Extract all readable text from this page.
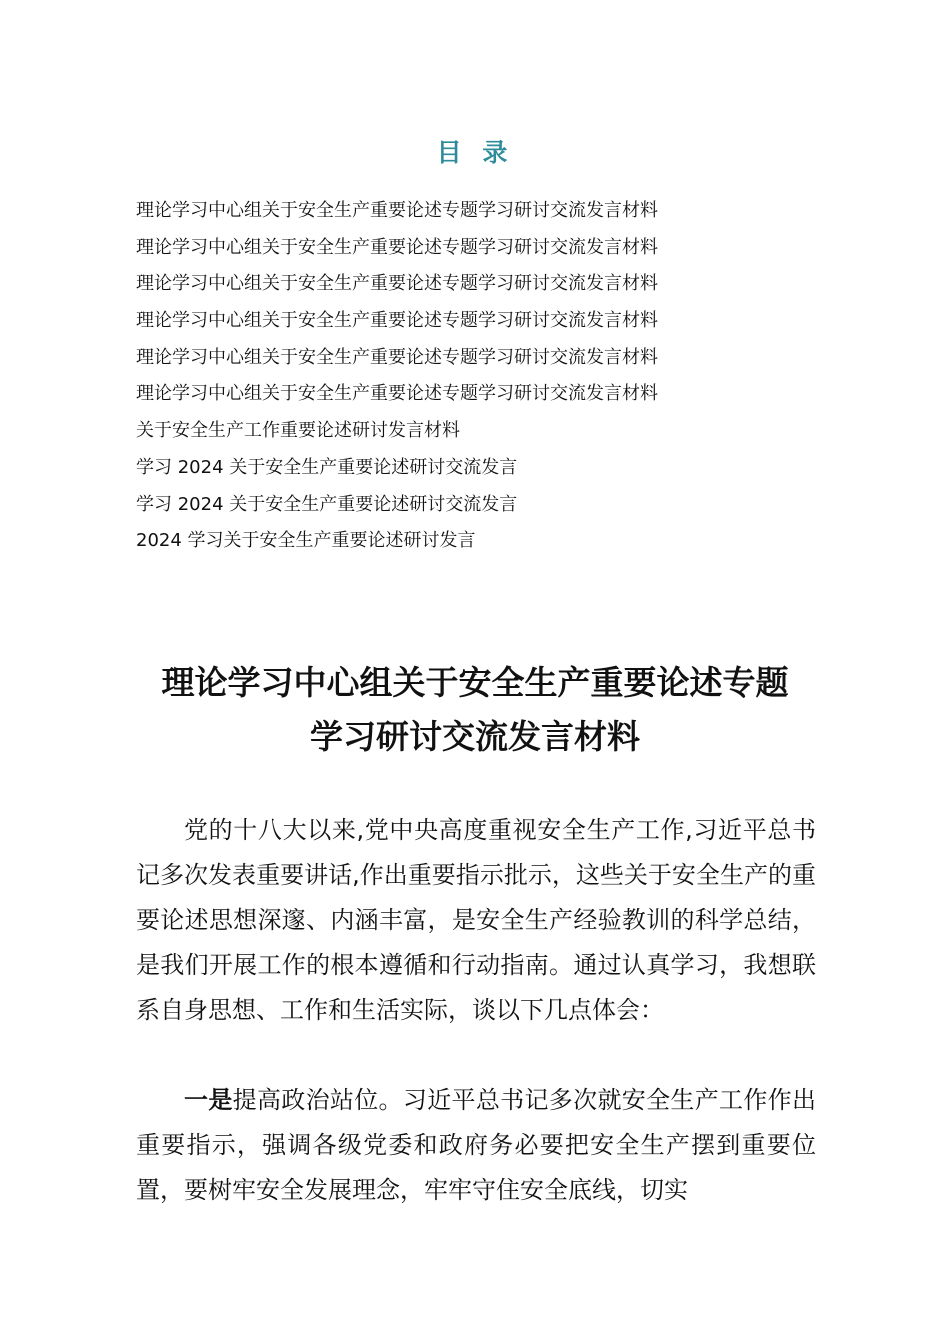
目 录
理论学习中心组关于安全生产重要论述专题学习研讨交流发言材料
理论学习中心组关于安全生产重要论述专题学习研讨交流发言材料
理论学习中心组关于安全生产重要论述专题学习研讨交流发言材料
理论学习中心组关于安全生产重要论述专题学习研讨交流发言材料
理论学习中心组关于安全生产重要论述专题学习研讨交流发言材料
理论学习中心组关于安全生产重要论述专题学习研讨交流发言材料
关于安全生产工作重要论述研讨发言材料
学习 2024 关于安全生产重要论述研讨交流发言
学习 2024 关于安全生产重要论述研讨交流发言
2024 学习关于安全生产重要论述研讨发言
理论学习中心组关于安全生产重要论述专题
学习研讨交流发言材料

党的十八大以来,党中央高度重视安全生产工作,习近平总书记多次发表重要讲话,作出重要指示批示，这些关于安全生产的重要论述思想深邃、内涵丰富，是安全生产经验教训的科学总结，是我们开展工作的根本遵循和行动指南。通过认真学习，我想联系自身思想、工作和生活实际，谈以下几点体会：

一是提高政治站位。习近平总书记多次就安全生产工作作出重要指示，强调各级党委和政府务必要把安全生产摆到重要位置，要树牢安全发展理念，牢牢守住安全底线，切实
